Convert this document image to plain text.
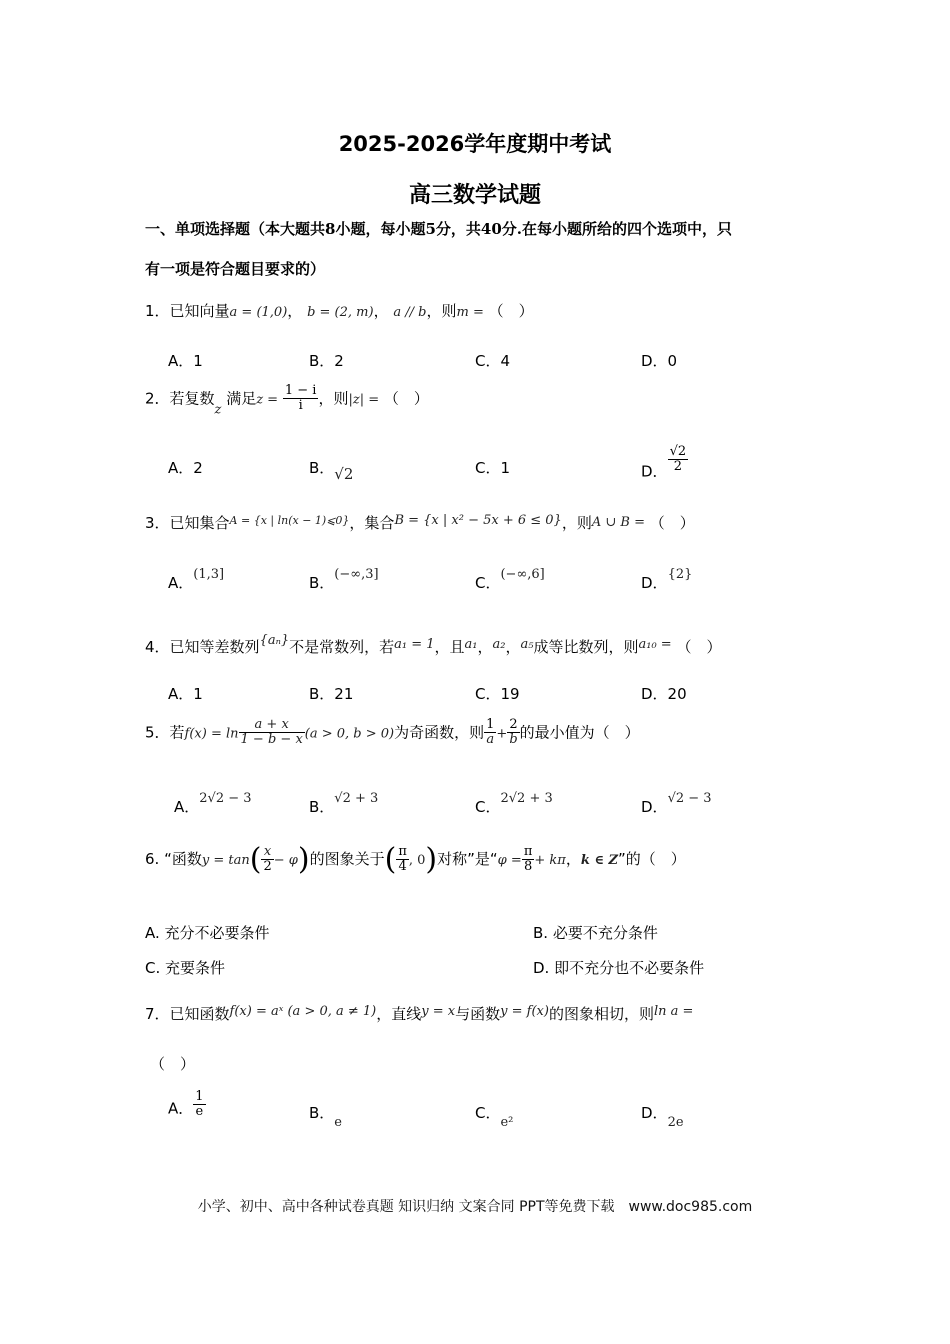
2025-2026学年度期中考试
高三数学试题
一、单项选择题（本大题共8小题，每小题5分，共40分.在每小题所给的四个选项中，只
有一项是符合题目要求的）
1．已知向量a = (1,0)， b = (2, m)， a // b，则m = （　）
A．1	B．2	C．4	D．0
2．若复数z 满足$z = \frac{1 - i}{i}$ ，则|z| = （　）
A．2	B．√2	C．1	D． $\frac{√2}{2}$
3．已知集合$^{A = \{x | ln(x - 1)⩽0\}}$，集合B = {x | x² − 5x + 6 ≤ 0}，则A ∪ B = （　）
A．(1,3]	B．(−∞,3]	C．(−∞,6]	D．{2}
4．已知等差数列{aₙ}不是常数列，若a₁ = 1，且a₁，a₂，a₅成等比数列，则a₁₀ = （　）
A．1	B．21	C．19	D．20
5．若$f(x) = \ln \frac{a + x}{1 - b - x} (a > 0$, b > 0)为奇函数，则 $\frac{1}{a} + \frac{2}{b}$ 的最小值为（　）
A．2√2 − 3	B．√2 + 3	C．2√2 + 3	D．√2 − 3
6. “函数$y = \tan( \frac{x}{2} - \varphi)$的图象关于( $\frac{\pi}{4}$ , 0)对称”是“$\varphi = \frac{\pi}{8} + k\pi$，k ∈ Z”的（　）
A. 充分不必要条件	B. 必要不充分条件
C. 充要条件	D. 即不充分也不必要条件
7．已知函数f(x) = aˣ (a > 0, a ≠ 1)，直线y = x与函数y = f(x)的图象相切，则ln a =
（　）
A． $\frac{1}{e}$	B．e
C．e²
D．2e
小学、初中、高中各种试卷真题 知识归纳 文案合同 PPT等免费下载　www.doc985.com
